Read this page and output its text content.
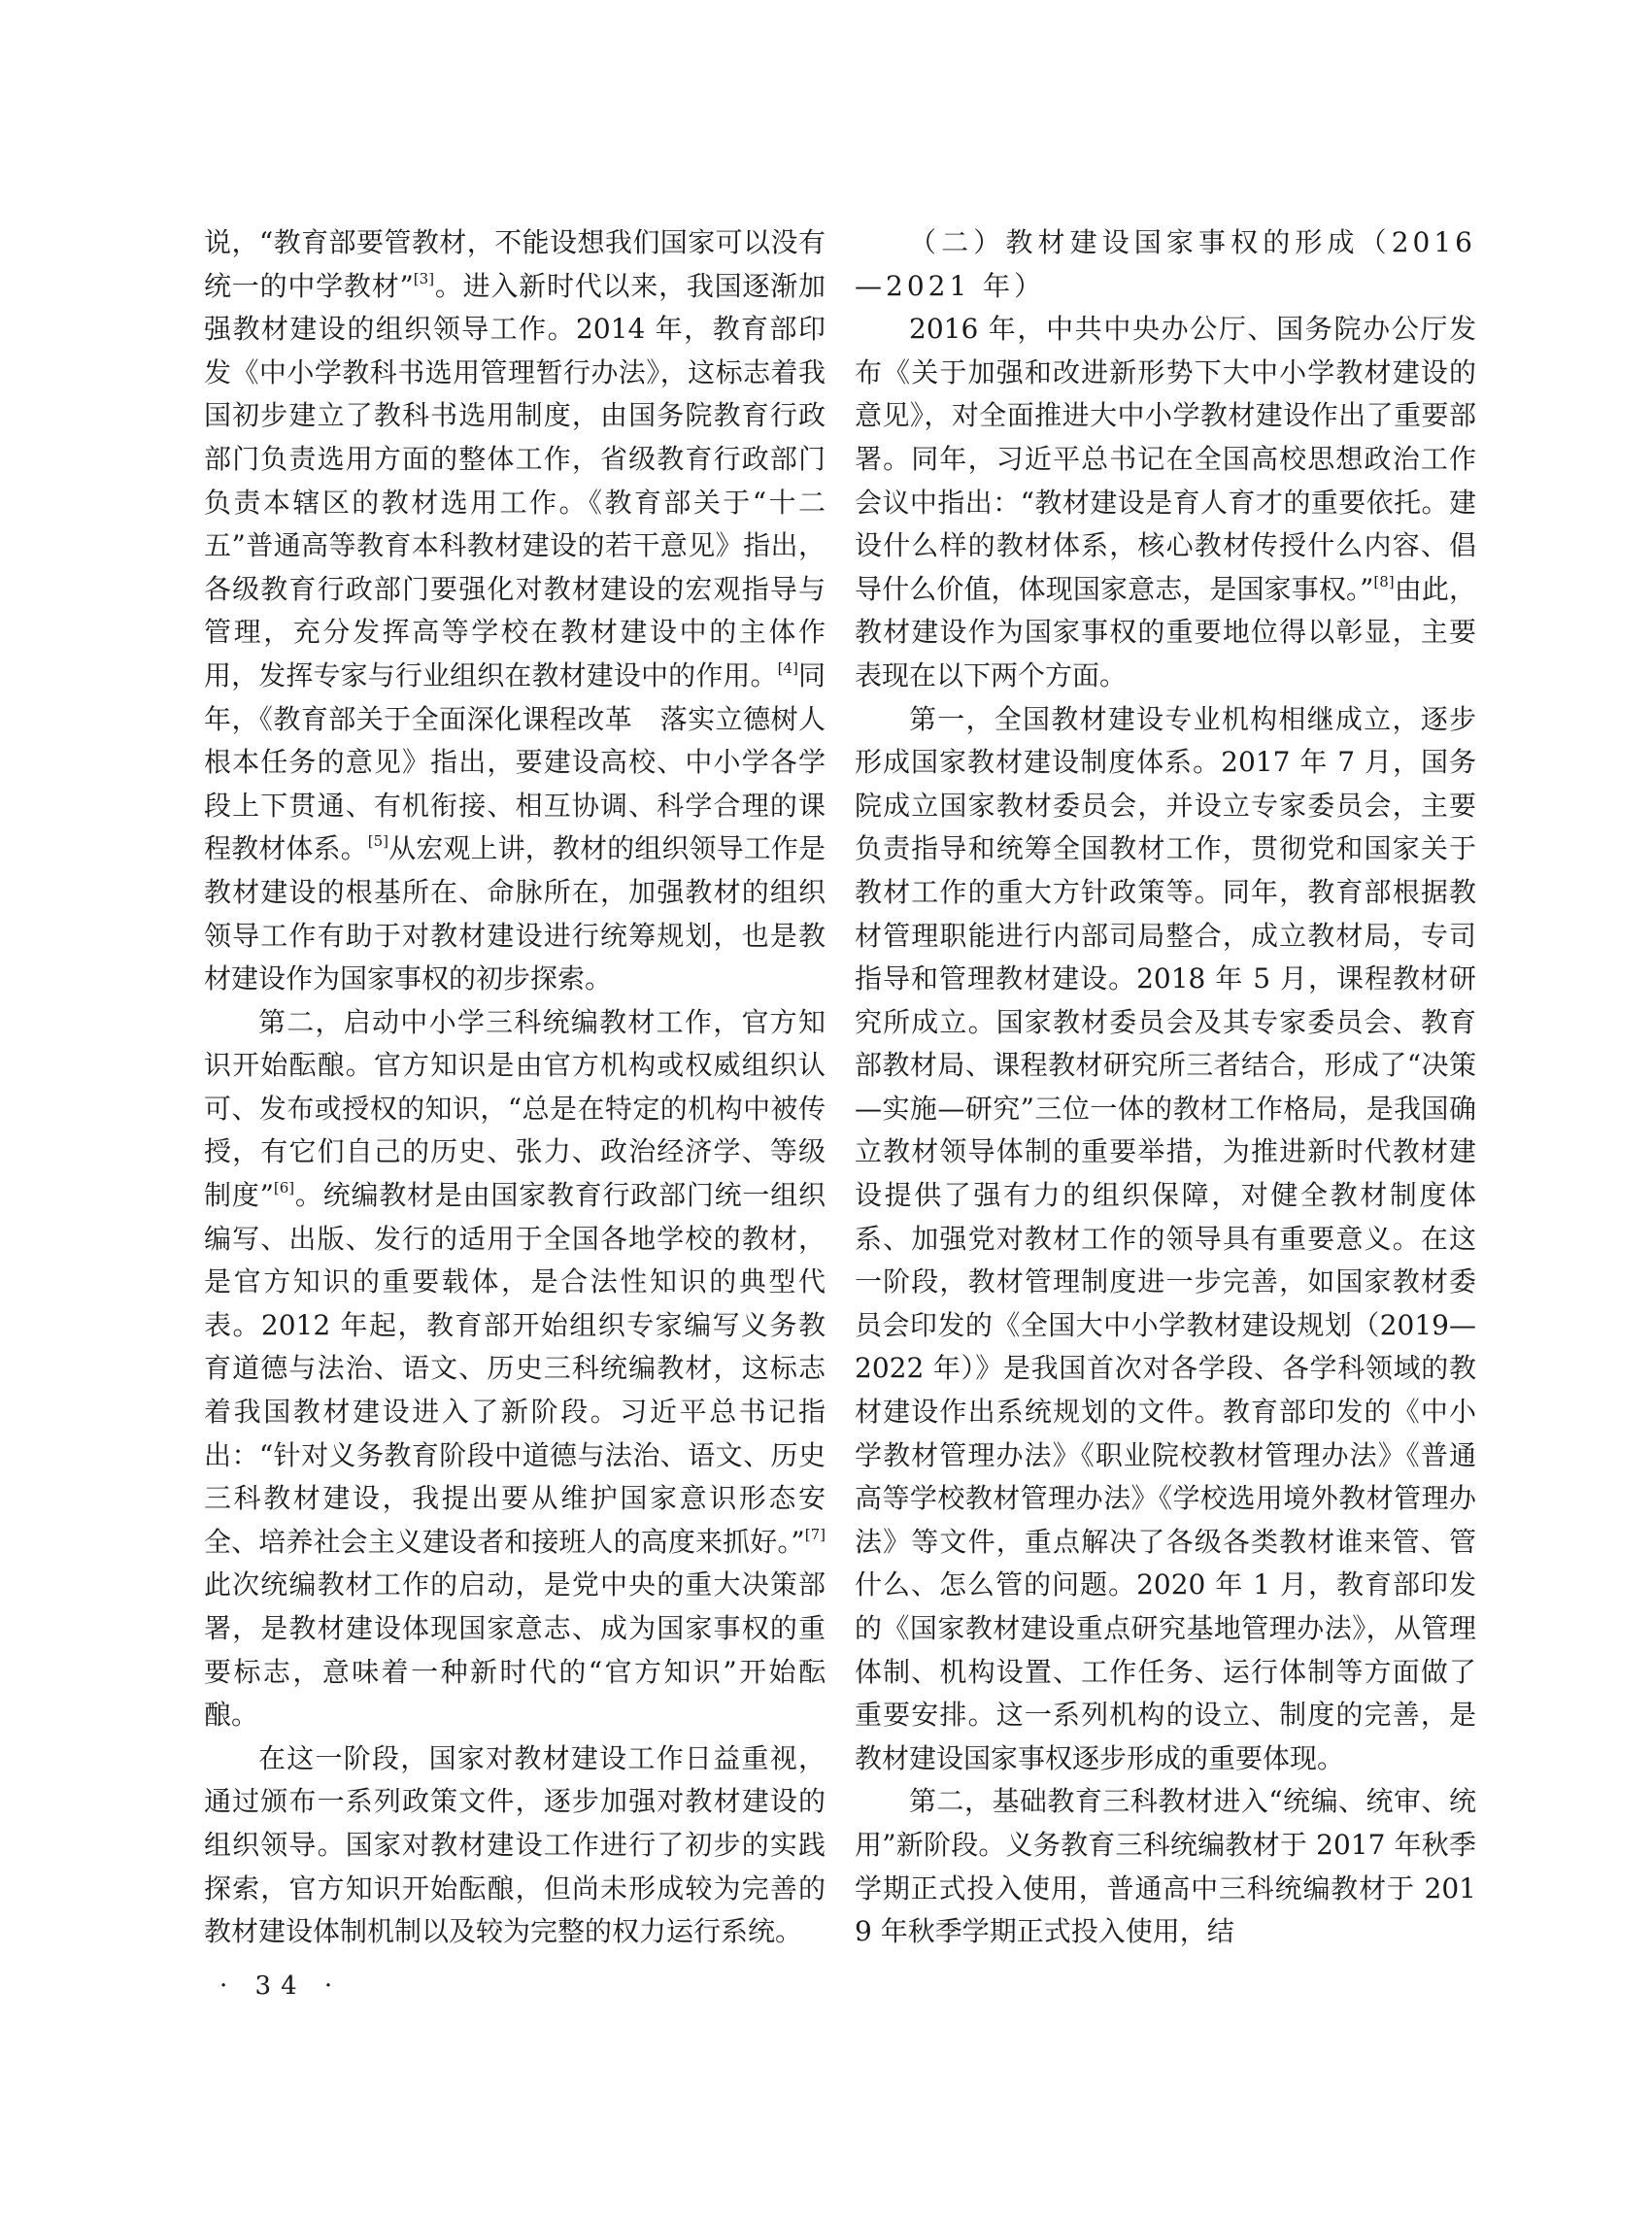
说，“教育部要管教材，不能设想我们国家可以没有统一的中学教材”[3]。进入新时代以来，我国逐渐加强教材建设的组织领导工作。2014 年，教育部印发《中小学教科书选用管理暂行办法》，这标志着我国初步建立了教科书选用制度，由国务院教育行政部门负责选用方面的整体工作，省级教育行政部门负责本辖区的教材选用工作。《教育部关于“十二五”普通高等教育本科教材建设的若干意见》指出，各级教育行政部门要强化对教材建设的宏观指导与管理，充分发挥高等学校在教材建设中的主体作用，发挥专家与行业组织在教材建设中的作用。[4]同年，《教育部关于全面深化课程改革　落实立德树人根本任务的意见》指出，要建设高校、中小学各学段上下贯通、有机衔接、相互协调、科学合理的课程教材体系。[5]从宏观上讲，教材的组织领导工作是教材建设的根基所在、命脉所在，加强教材的组织领导工作有助于对教材建设进行统筹规划，也是教材建设作为国家事权的初步探索。

第二，启动中小学三科统编教材工作，官方知识开始酝酿。官方知识是由官方机构或权威组织认可、发布或授权的知识，“总是在特定的机构中被传授，有它们自己的历史、张力、政治经济学、等级制度”[6]。统编教材是由国家教育行政部门统一组织编写、出版、发行的适用于全国各地学校的教材，是官方知识的重要载体，是合法性知识的典型代表。2012 年起，教育部开始组织专家编写义务教育道德与法治、语文、历史三科统编教材，这标志着我国教材建设进入了新阶段。习近平总书记指出：“针对义务教育阶段中道德与法治、语文、历史三科教材建设，我提出要从维护国家意识形态安全、培养社会主义建设者和接班人的高度来抓好。”[7]此次统编教材工作的启动，是党中央的重大决策部署，是教材建设体现国家意志、成为国家事权的重要标志，意味着一种新时代的“官方知识”开始酝酿。

在这一阶段，国家对教材建设工作日益重视，通过颁布一系列政策文件，逐步加强对教材建设的组织领导。国家对教材建设工作进行了初步的实践探索，官方知识开始酝酿，但尚未形成较为完善的教材建设体制机制以及较为完整的权力运行系统。

（二）教材建设国家事权的形成（2016—2021 年）

2016 年，中共中央办公厅、国务院办公厅发布《关于加强和改进新形势下大中小学教材建设的意见》，对全面推进大中小学教材建设作出了重要部署。同年，习近平总书记在全国高校思想政治工作会议中指出：“教材建设是育人育才的重要依托。建设什么样的教材体系，核心教材传授什么内容、倡导什么价值，体现国家意志，是国家事权。”[8]由此，教材建设作为国家事权的重要地位得以彰显，主要表现在以下两个方面。

第一，全国教材建设专业机构相继成立，逐步形成国家教材建设制度体系。2017 年 7 月，国务院成立国家教材委员会，并设立专家委员会，主要负责指导和统筹全国教材工作，贯彻党和国家关于教材工作的重大方针政策等。同年，教育部根据教材管理职能进行内部司局整合，成立教材局，专司指导和管理教材建设。2018 年 5 月，课程教材研究所成立。国家教材委员会及其专家委员会、教育部教材局、课程教材研究所三者结合，形成了“决策—实施—研究”三位一体的教材工作格局，是我国确立教材领导体制的重要举措，为推进新时代教材建设提供了强有力的组织保障，对健全教材制度体系、加强党对教材工作的领导具有重要意义。在这一阶段，教材管理制度进一步完善，如国家教材委员会印发的《全国大中小学教材建设规划（2019—2022 年）》是我国首次对各学段、各学科领域的教材建设作出系统规划的文件。教育部印发的《中小学教材管理办法》《职业院校教材管理办法》《普通高等学校教材管理办法》《学校选用境外教材管理办法》等文件，重点解决了各级各类教材谁来管、管什么、怎么管的问题。2020 年 1 月，教育部印发的《国家教材建设重点研究基地管理办法》，从管理体制、机构设置、工作任务、运行体制等方面做了重要安排。这一系列机构的设立、制度的完善，是教材建设国家事权逐步形成的重要体现。

第二，基础教育三科教材进入“统编、统审、统用”新阶段。义务教育三科统编教材于 2017 年秋季学期正式投入使用，普通高中三科统编教材于 2019 年秋季学期正式投入使用，结

· 34 ·
